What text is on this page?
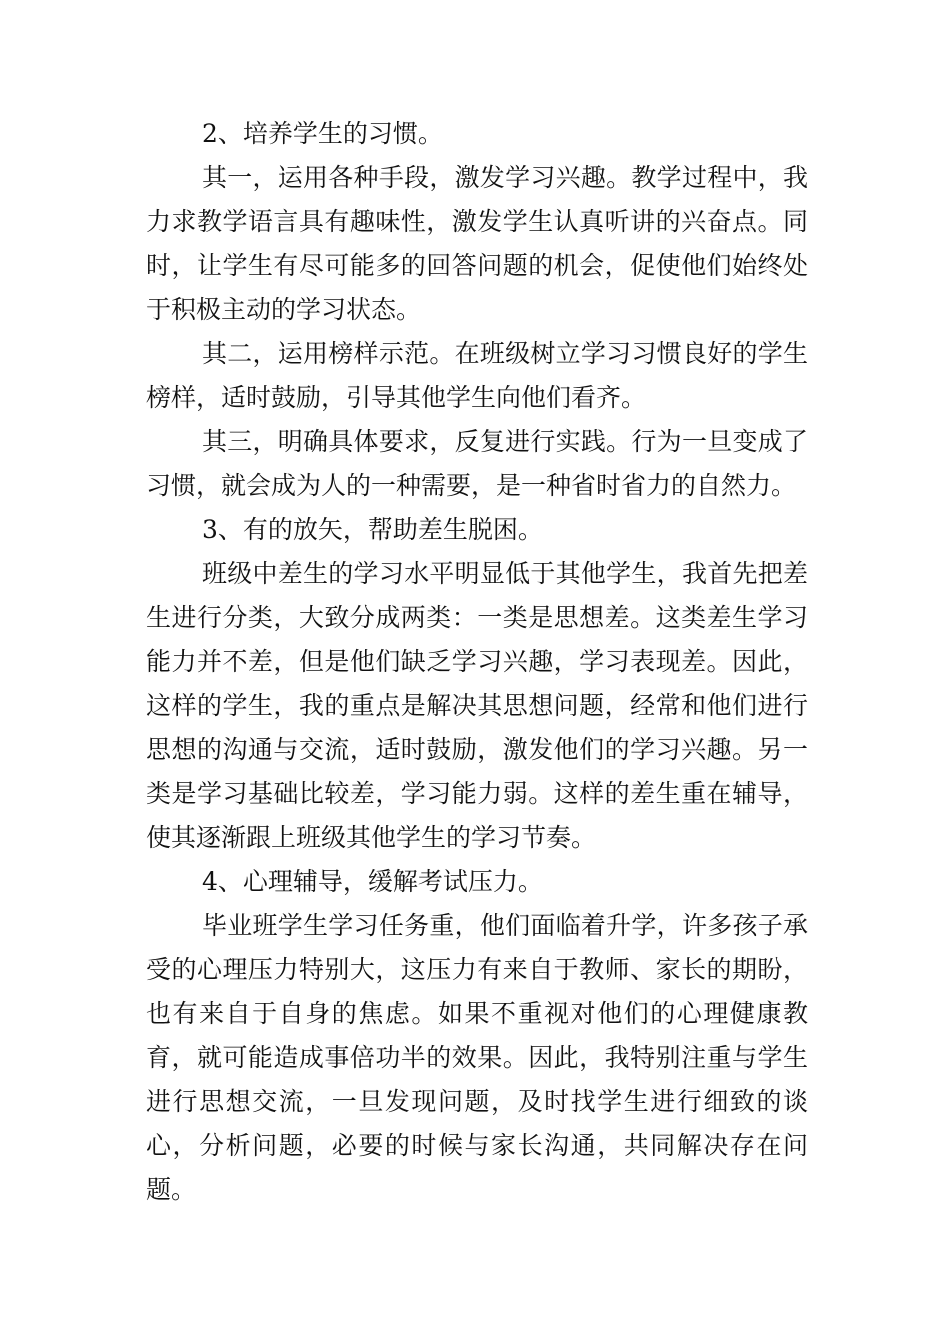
2、培养学生的习惯。

其一，运用各种手段，激发学习兴趣。教学过程中，我力求教学语言具有趣味性，激发学生认真听讲的兴奋点。同时，让学生有尽可能多的回答问题的机会，促使他们始终处于积极主动的学习状态。

其二，运用榜样示范。在班级树立学习习惯良好的学生榜样，适时鼓励，引导其他学生向他们看齐。

其三，明确具体要求，反复进行实践。行为一旦变成了习惯，就会成为人的一种需要，是一种省时省力的自然力。

3、有的放矢，帮助差生脱困。

班级中差生的学习水平明显低于其他学生，我首先把差生进行分类，大致分成两类：一类是思想差。这类差生学习能力并不差，但是他们缺乏学习兴趣，学习表现差。因此，这样的学生，我的重点是解决其思想问题，经常和他们进行思想的沟通与交流，适时鼓励，激发他们的学习兴趣。另一类是学习基础比较差，学习能力弱。这样的差生重在辅导，使其逐渐跟上班级其他学生的学习节奏。

4、心理辅导，缓解考试压力。

毕业班学生学习任务重，他们面临着升学，许多孩子承受的心理压力特别大，这压力有来自于教师、家长的期盼，也有来自于自身的焦虑。如果不重视对他们的心理健康教育，就可能造成事倍功半的效果。因此，我特别注重与学生进行思想交流，一旦发现问题，及时找学生进行细致的谈心，分析问题，必要的时候与家长沟通，共同解决存在问题。
